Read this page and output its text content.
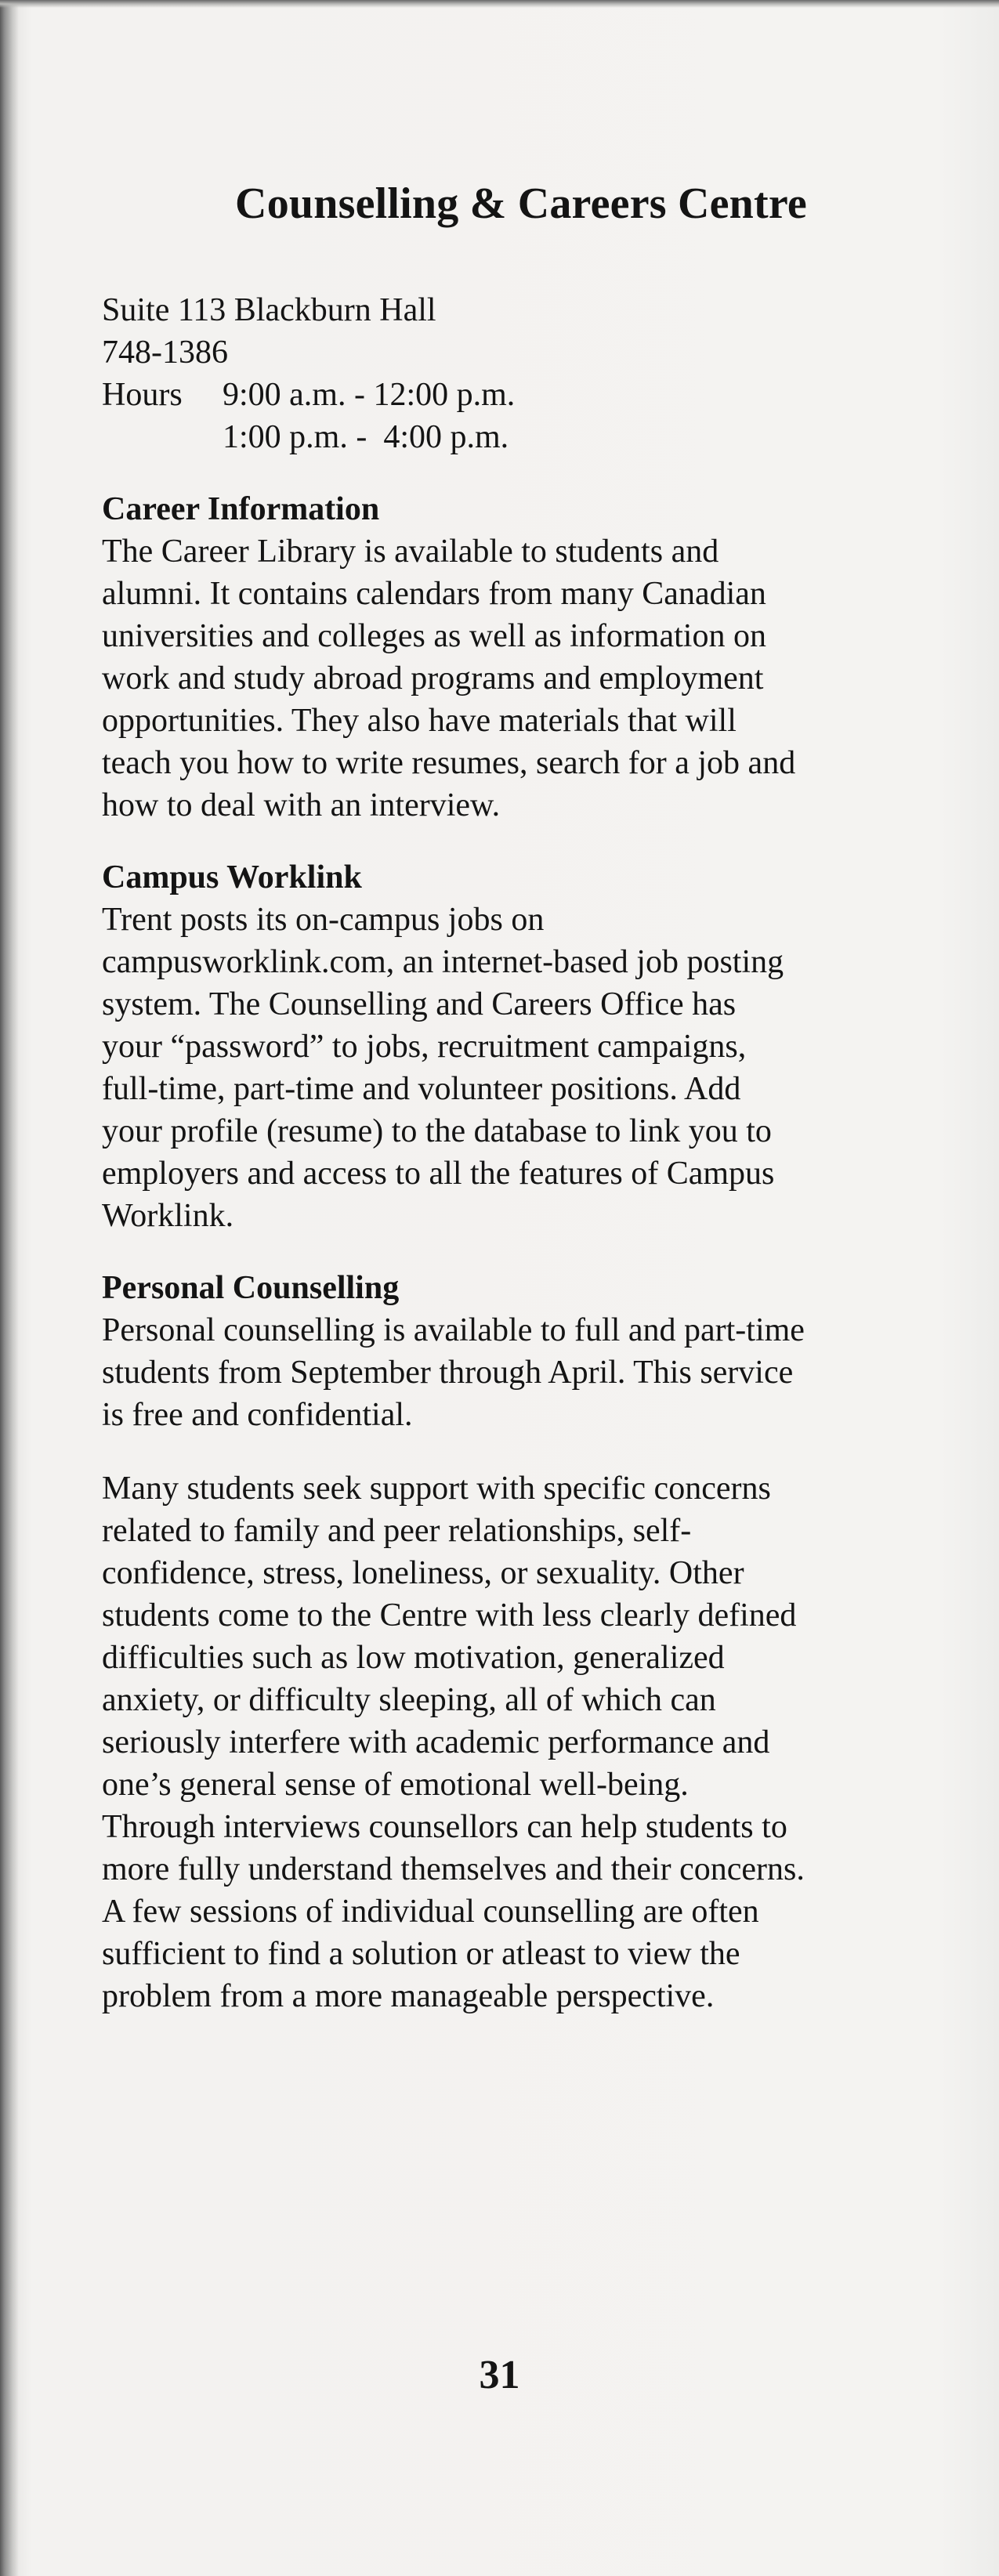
Counselling & Careers Centre
Suite 113 Blackburn Hall
748-1386
Hours	9:00 a.m. - 12:00 p.m.
1:00 p.m. -  4:00 p.m.
Career Information
The Career Library is available to students and
alumni. It contains calendars from many Canadian
universities and colleges as well as information on
work and study abroad programs and employment
opportunities. They also have materials that will
teach you how to write resumes, search for a job and
how to deal with an interview.
Campus Worklink
Trent posts its on-campus jobs on
campusworklink.com, an internet-based job posting
system. The Counselling and Careers Office has
your “password” to jobs, recruitment campaigns,
full-time, part-time and volunteer positions. Add
your profile (resume) to the database to link you to
employers and access to all the features of Campus
Worklink.
Personal Counselling
Personal counselling is available to full and part-time
students from September through April. This service
is free and confidential.
Many students seek support with specific concerns
related to family and peer relationships, self-
confidence, stress, loneliness, or sexuality. Other
students come to the Centre with less clearly defined
difficulties such as low motivation, generalized
anxiety, or difficulty sleeping, all of which can
seriously interfere with academic performance and
one’s general sense of emotional well-being.
Through interviews counsellors can help students to
more fully understand themselves and their concerns.
A few sessions of individual counselling are often
sufficient to find a solution or atleast to view the
problem from a more manageable perspective.
31
